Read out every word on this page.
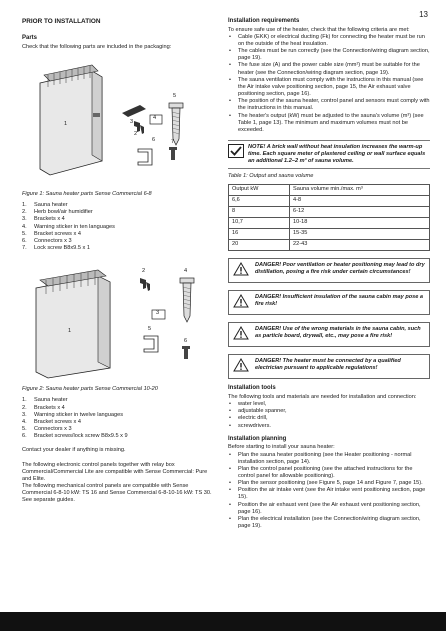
13
PRIOR TO INSTALLATION
Parts

Check that the following parts are included in the packaging:

1
2
3
4
5
6	7
Figure 1: Sauna heater parts Sense Commercial 6-8
1.	Sauna heater
2.	Herb bowl/air humidifier
3.	Brackets x 4
4.	Warning sticker in ten languages
5.	Bracket screws x 4
6.	Connectors x 3
7.	Lock screw B8x9.5 x 1
1
2
3
4
5
6
Figure 2: Sauna heater parts Sense Commercial 10-20
1.	Sauna heater
2.	Brackets x 4
3.	Warning sticker in twelve languages
4.	Bracket screws x 4
5.	Connectors x 3
6.	Bracket screws/lock screw B8x9.5 x 9

Contact your dealer if anything is missing.

The following electronic control panels together with relay box Commercial/Commercial Lite are compatible with Sense Commercial: Pure and Elite.

The following mechanical control panels are compatible with Sense Commercial 6-8-10 kW: TS 16 and Sense Commercial 6-8-10-16 kW: TS 30.

See separate guides.

Installation requirements

To ensure safe use of the heater, check that the following criteria are met:

• Cable (EKK) or electrical ducting (Fk) for connecting the heater must be run on the outside of the heat insulation.
• The cables must be run correctly (see the Connection/wiring diagram section, page 19).
• The fuse size (A) and the power cable size (mm²) must be suitable for the heater (see the Connection/wiring diagram section, page 19).
• The sauna ventilation must comply with the instructions in this manual (see the Air intake valve positioning section, page 15, the Air exhaust valve positioning section, page 16).
• The position of the sauna heater, control panel and sensors must comply with the instructions in this manual.
• The heater's output (kW) must be adjusted to the sauna's volume (m³) (see Table 1, page 13). The minimum and maximum volumes must not be exceeded.
NOTE! A brick wall without heat insulation increases the warm-up time. Each square meter of plastered ceiling or wall surface equals an additional 1.2–2 m³ of sauna volume.
Table 1: Output and sauna volume
Output kW	Sauna volume min./max. m³
6,6	4-8
8	6-12
10,7	10-18
16	15-35
20	22-43
DANGER! Poor ventilation or heater positioning may lead to dry distillation, posing a fire risk under certain circumstances!
DANGER! Insufficient insulation of the sauna cabin may pose a fire risk!
DANGER! Use of the wrong materials in the sauna cabin, such as particle board, drywall, etc., may pose a fire risk!
DANGER! The heater must be connected by a qualified electrician pursuant to applicable regulations!
Installation tools

The following tools and materials are needed for installation and connection:

• water level,
• adjustable spanner,
• electric drill,
• screwdrivers.
Installation planning

Before starting to install your sauna heater:

• Plan the sauna heater positioning (see the Heater positioning - normal installation section, page 14).
• Plan the control panel positioning (see the attached instructions for the control panel for allowable positioning).
• Plan the sensor positioning (see Figure 5, page 14 and Figure 7, page 15).
• Position the air intake vent (see the Air intake vent positioning section, page 15).
• Position the air exhaust vent (see the Air exhaust vent positioning section, page 16).
• Plan the electrical installation (see the Connection/wiring diagram section, page 19).
